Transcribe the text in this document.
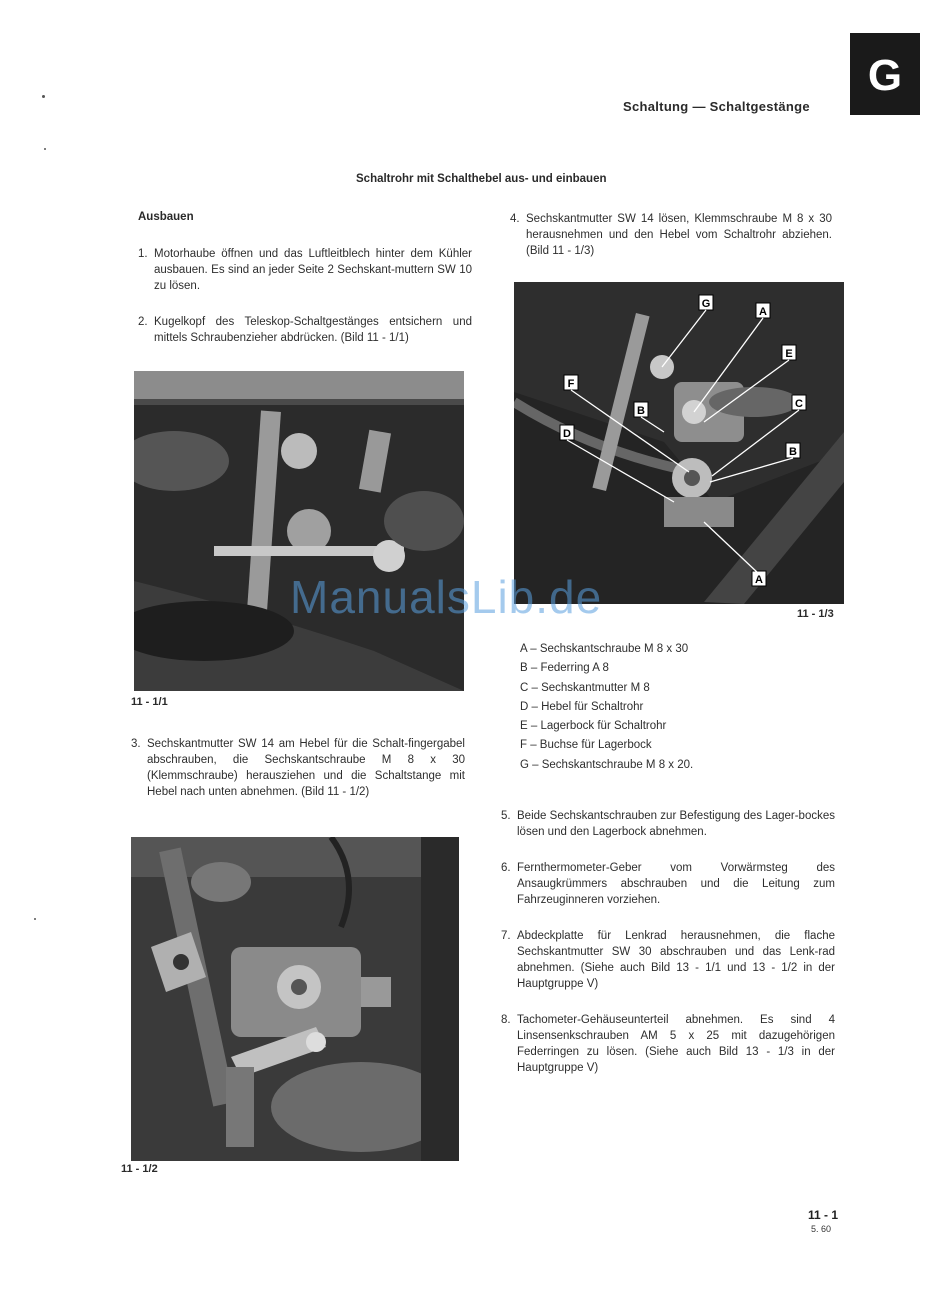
G
Schaltung — Schaltgestänge
Schaltrohr mit Schalthebel aus- und einbauen
Ausbauen
1. Motorhaube öffnen und das Luftleitblech hinter dem Kühler ausbauen. Es sind an jeder Seite 2 Sechskant-muttern SW 10 zu lösen.
2. Kugelkopf des Teleskop-Schaltgestänges entsichern und mittels Schraubenzieher abdrücken. (Bild 11 - 1/1)
11 - 1/1
3. Sechskantmutter SW 14 am Hebel für die Schalt-fingergabel abschrauben, die Sechskantschraube M 8 x 30 (Klemmschraube) herausziehen und die Schaltstange mit Hebel nach unten abnehmen. (Bild 11 - 1/2)
11 - 1/2
4. Sechskantmutter SW 14 lösen, Klemmschraube M 8 x 30 herausnehmen und den Hebel vom Schaltrohr abziehen. (Bild 11 - 1/3)
G
A
E
F
B
C
D
B
A
11 - 1/3
A – Sechskantschraube M 8 x 30
B – Federring A 8
C – Sechskantmutter M 8
D – Hebel für Schaltrohr
E – Lagerbock für Schaltrohr
F – Buchse für Lagerbock
G – Sechskantschraube M 8 x 20.
5. Beide Sechskantschrauben zur Befestigung des Lager-bockes lösen und den Lagerbock abnehmen.
6. Fernthermometer-Geber vom Vorwärmsteg des Ansaugkrümmers abschrauben und die Leitung zum Fahrzeuginneren vorziehen.
7. Abdeckplatte für Lenkrad herausnehmen, die flache Sechskantmutter SW 30 abschrauben und das Lenk-rad abnehmen. (Siehe auch Bild 13 - 1/1 und 13 - 1/2 in der Hauptgruppe V)
8. Tachometer-Gehäuseunterteil abnehmen. Es sind 4 Linsensenkschrauben AM 5 x 25 mit dazugehörigen Federringen zu lösen. (Siehe auch Bild 13 - 1/3 in der Hauptgruppe V)
ManualsLib.de
11 - 1
5. 60
